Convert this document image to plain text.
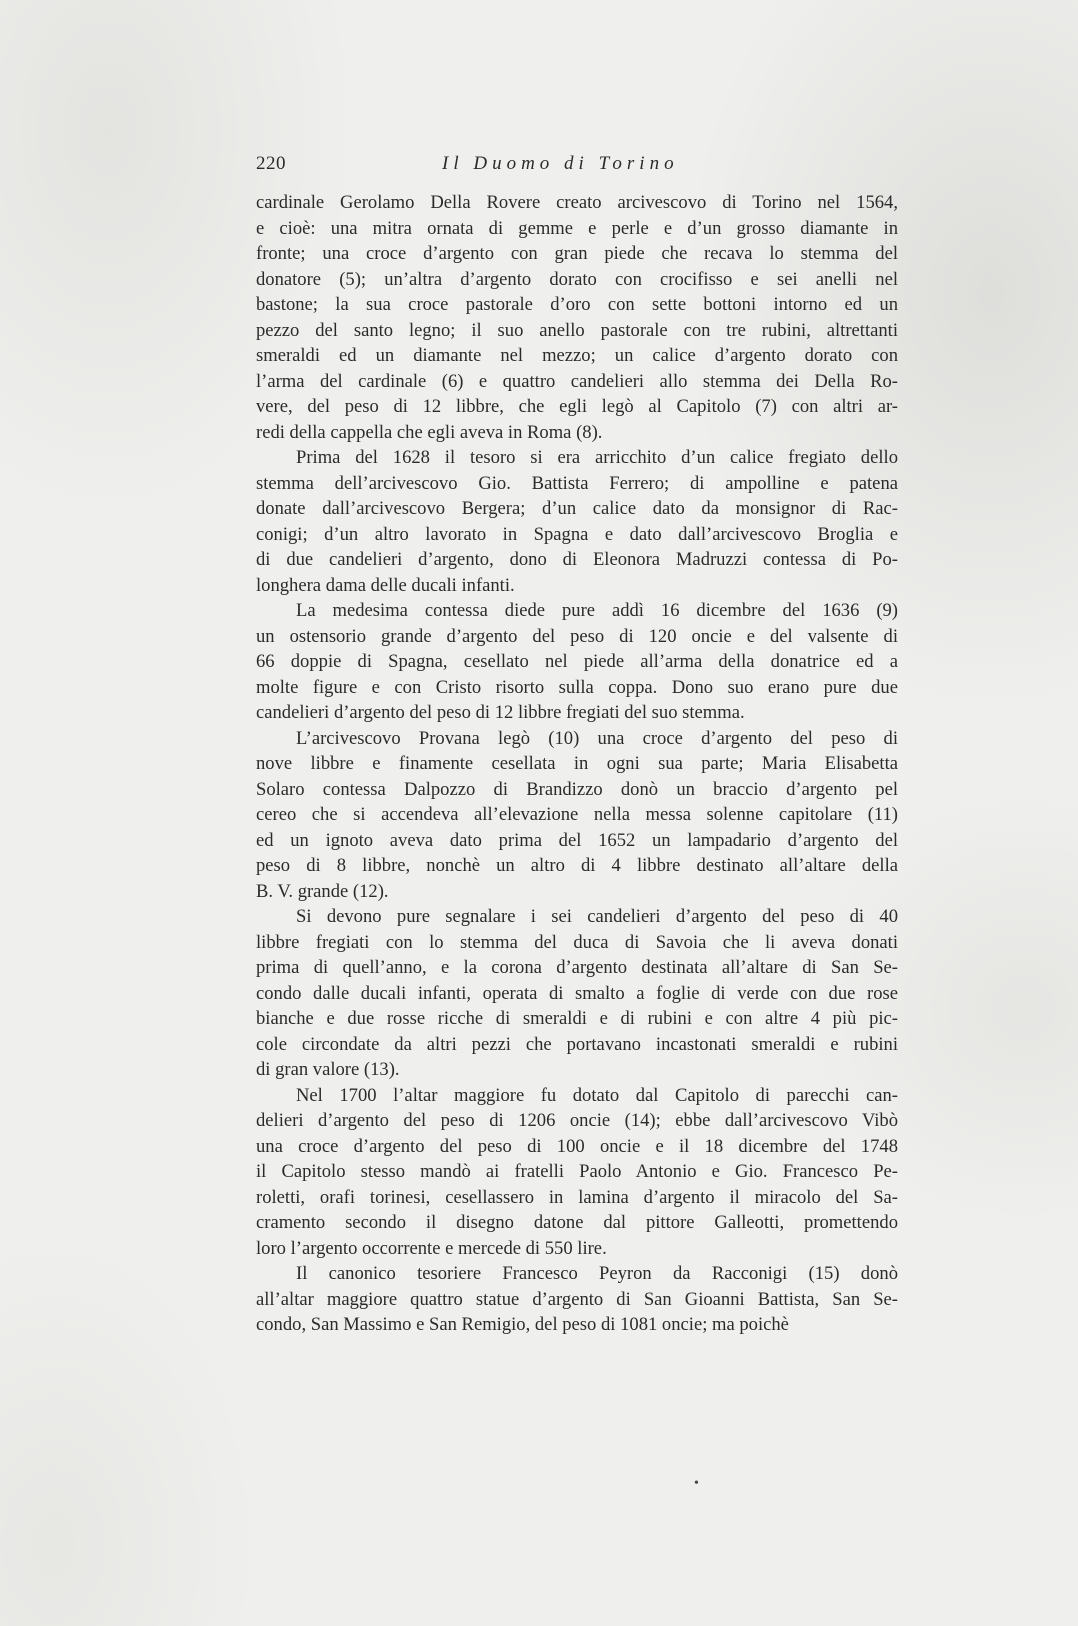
220	Il Duomo di Torino

cardinale Gerolamo Della Rovere creato arcivescovo di Torino nel 1564,
e cioè: una mitra ornata di gemme e perle e d’un grosso diamante in
fronte; una croce d’argento con gran piede che recava lo stemma del
donatore (5); un’altra d’argento dorato con crocifisso e sei anelli nel
bastone; la sua croce pastorale d’oro con sette bottoni intorno ed un
pezzo del santo legno; il suo anello pastorale con tre rubini, altrettanti
smeraldi ed un diamante nel mezzo; un calice d’argento dorato con
l’arma del cardinale (6) e quattro candelieri allo stemma dei Della Ro-
vere, del peso di 12 libbre, che egli legò al Capitolo (7) con altri ar-
redi della cappella che egli aveva in Roma (8).

Prima del 1628 il tesoro si era arricchito d’un calice fregiato dello
stemma dell’arcivescovo Gio. Battista Ferrero; di ampolline e patena
donate dall’arcivescovo Bergera; d’un calice dato da monsignor di Rac-
conigi; d’un altro lavorato in Spagna e dato dall’arcivescovo Broglia e
di due candelieri d’argento, dono di Eleonora Madruzzi contessa di Po-
longhera dama delle ducali infanti.

La medesima contessa diede pure addì 16 dicembre del 1636 (9)
un ostensorio grande d’argento del peso di 120 oncie e del valsente di
66 doppie di Spagna, cesellato nel piede all’arma della donatrice ed a
molte figure e con Cristo risorto sulla coppa. Dono suo erano pure due
candelieri d’argento del peso di 12 libbre fregiati del suo stemma.

L’arcivescovo Provana legò (10) una croce d’argento del peso di
nove libbre e finamente cesellata in ogni sua parte; Maria Elisabetta
Solaro contessa Dalpozzo di Brandizzo donò un braccio d’argento pel
cereo che si accendeva all’elevazione nella messa solenne capitolare (11)
ed un ignoto aveva dato prima del 1652 un lampadario d’argento del
peso di 8 libbre, nonchè un altro di 4 libbre destinato all’altare della
B. V. grande (12).

Si devono pure segnalare i sei candelieri d’argento del peso di 40
libbre fregiati con lo stemma del duca di Savoia che li aveva donati
prima di quell’anno, e la corona d’argento destinata all’altare di San Se-
condo dalle ducali infanti, operata di smalto a foglie di verde con due rose
bianche e due rosse ricche di smeraldi e di rubini e con altre 4 più pic-
cole circondate da altri pezzi che portavano incastonati smeraldi e rubini
di gran valore (13).

Nel 1700 l’altar maggiore fu dotato dal Capitolo di parecchi can-
delieri d’argento del peso di 1206 oncie (14); ebbe dall’arcivescovo Vibò
una croce d’argento del peso di 100 oncie e il 18 dicembre del 1748
il Capitolo stesso mandò ai fratelli Paolo Antonio e Gio. Francesco Pe-
roletti, orafi torinesi, cesellassero in lamina d’argento il miracolo del Sa-
cramento secondo il disegno datone dal pittore Galleotti, promettendo
loro l’argento occorrente e mercede di 550 lire.

Il canonico tesoriere Francesco Peyron da Racconigi (15) donò
all’altar maggiore quattro statue d’argento di San Gioanni Battista, San Se-
condo, San Massimo e San Remigio, del peso di 1081 oncie; ma poichè

•
